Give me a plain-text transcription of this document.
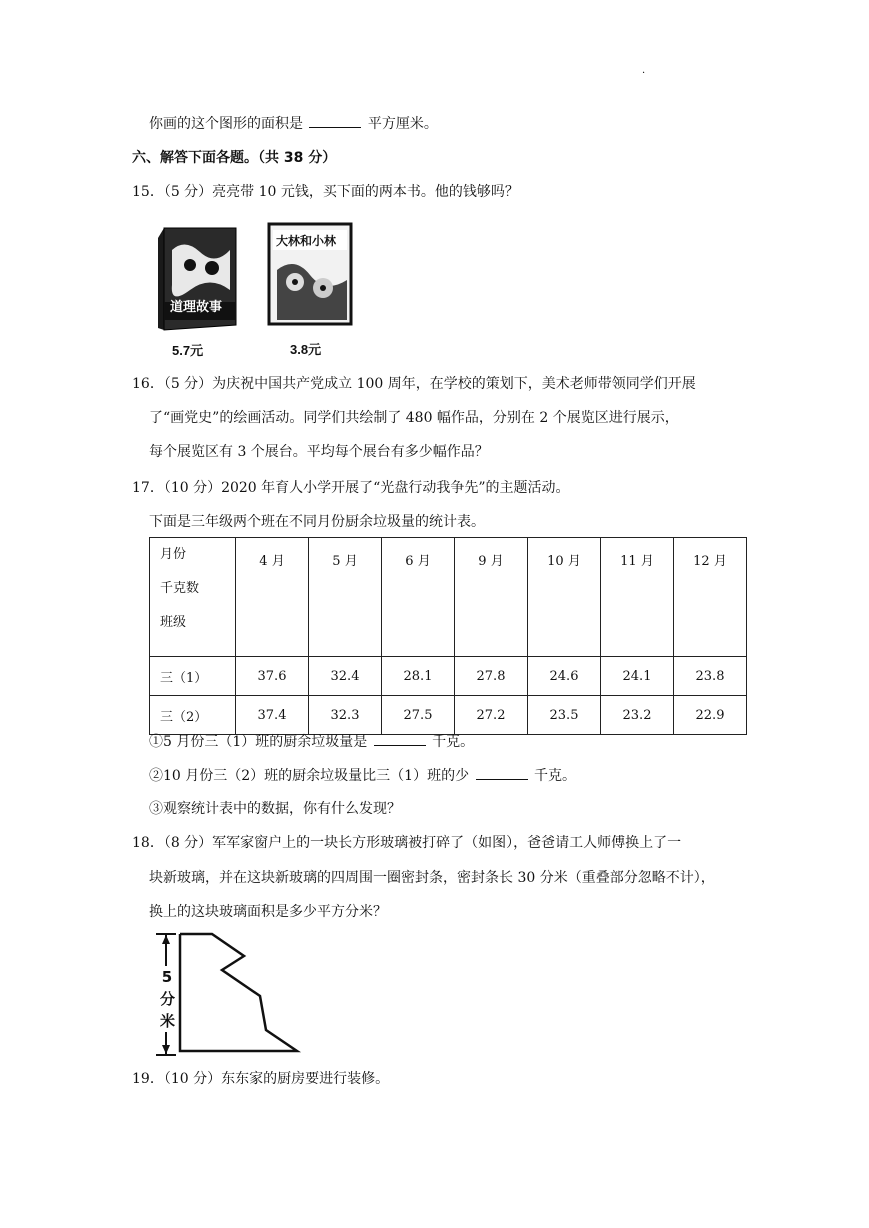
·
你画的这个图形的面积是	平方厘米。
六、解答下面各题。（共 38 分）
15．（5 分）亮亮带 10 元钱，买下面的两本书。他的钱够吗？
道理故事
5.7元
大林和小林
3.8元
16．（5 分）为庆祝中国共产党成立 100 周年，在学校的策划下，美术老师带领同学们开展
了“画党史”的绘画活动。同学们共绘制了 480 幅作品，分别在 2 个展览区进行展示，
每个展览区有 3 个展台。平均每个展台有多少幅作品？
17．（10 分）2020 年育人小学开展了“光盘行动我争先”的主题活动。
下面是三年级两个班在不同月份厨余垃圾量的统计表。
月份
千克数
班级	4 月	5 月	6 月	9 月	10 月	11 月	12 月
三（1）	37.6	32.4	28.1	27.8	24.6	24.1	23.8
三（2）	37.4	32.3	27.5	27.2	23.5	23.2	22.9
①5 月份三（1）班的厨余垃圾量是	千克。
②10 月份三（2）班的厨余垃圾量比三（1）班的少	千克。
③观察统计表中的数据，你有什么发现？
18．（8 分）军军家窗户上的一块长方形玻璃被打碎了（如图），爸爸请工人师傅换上了一
块新玻璃，并在这块新玻璃的四周围一圈密封条，密封条长 30 分米（重叠部分忽略不计），
换上的这块玻璃面积是多少平方分米？
5
分
米
19．（10 分）东东家的厨房要进行装修。
